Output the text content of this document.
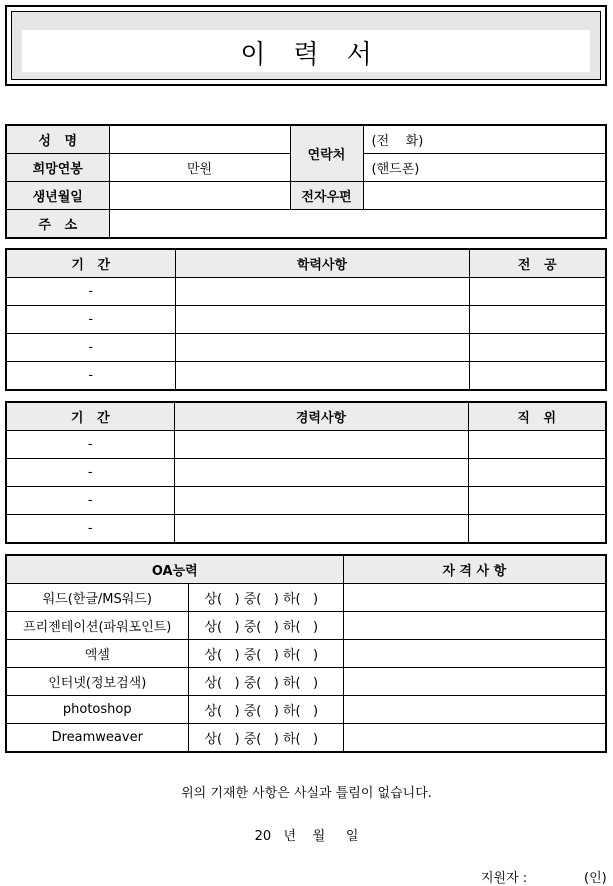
이 력 서
성   명		연락처	(전    화)
희망연봉	만원		(핸드폰)
생년월일		전자우편	
주   소			
기   간	학력사항	전   공
-		
-		
-		
-		
기   간	경력사항	직   위
-		
-		
-		
-		
OA능력		자 격 사 항
워드(한글/MS워드)	상(   ) 중(   ) 하(   )	
프리젠테이션(파워포인트)	상(   ) 중(   ) 하(   )	
엑셀	상(   ) 중(   ) 하(   )	
인터넷(정보검색)	상(   ) 중(   ) 하(   )	
photoshop	상(   ) 중(   ) 하(   )	
Dreamweaver	상(   ) 중(   ) 하(   )	
위의 기재한 사항은 사실과 틀림이 없습니다.
20   년    월     일
지원자 :	(인)
